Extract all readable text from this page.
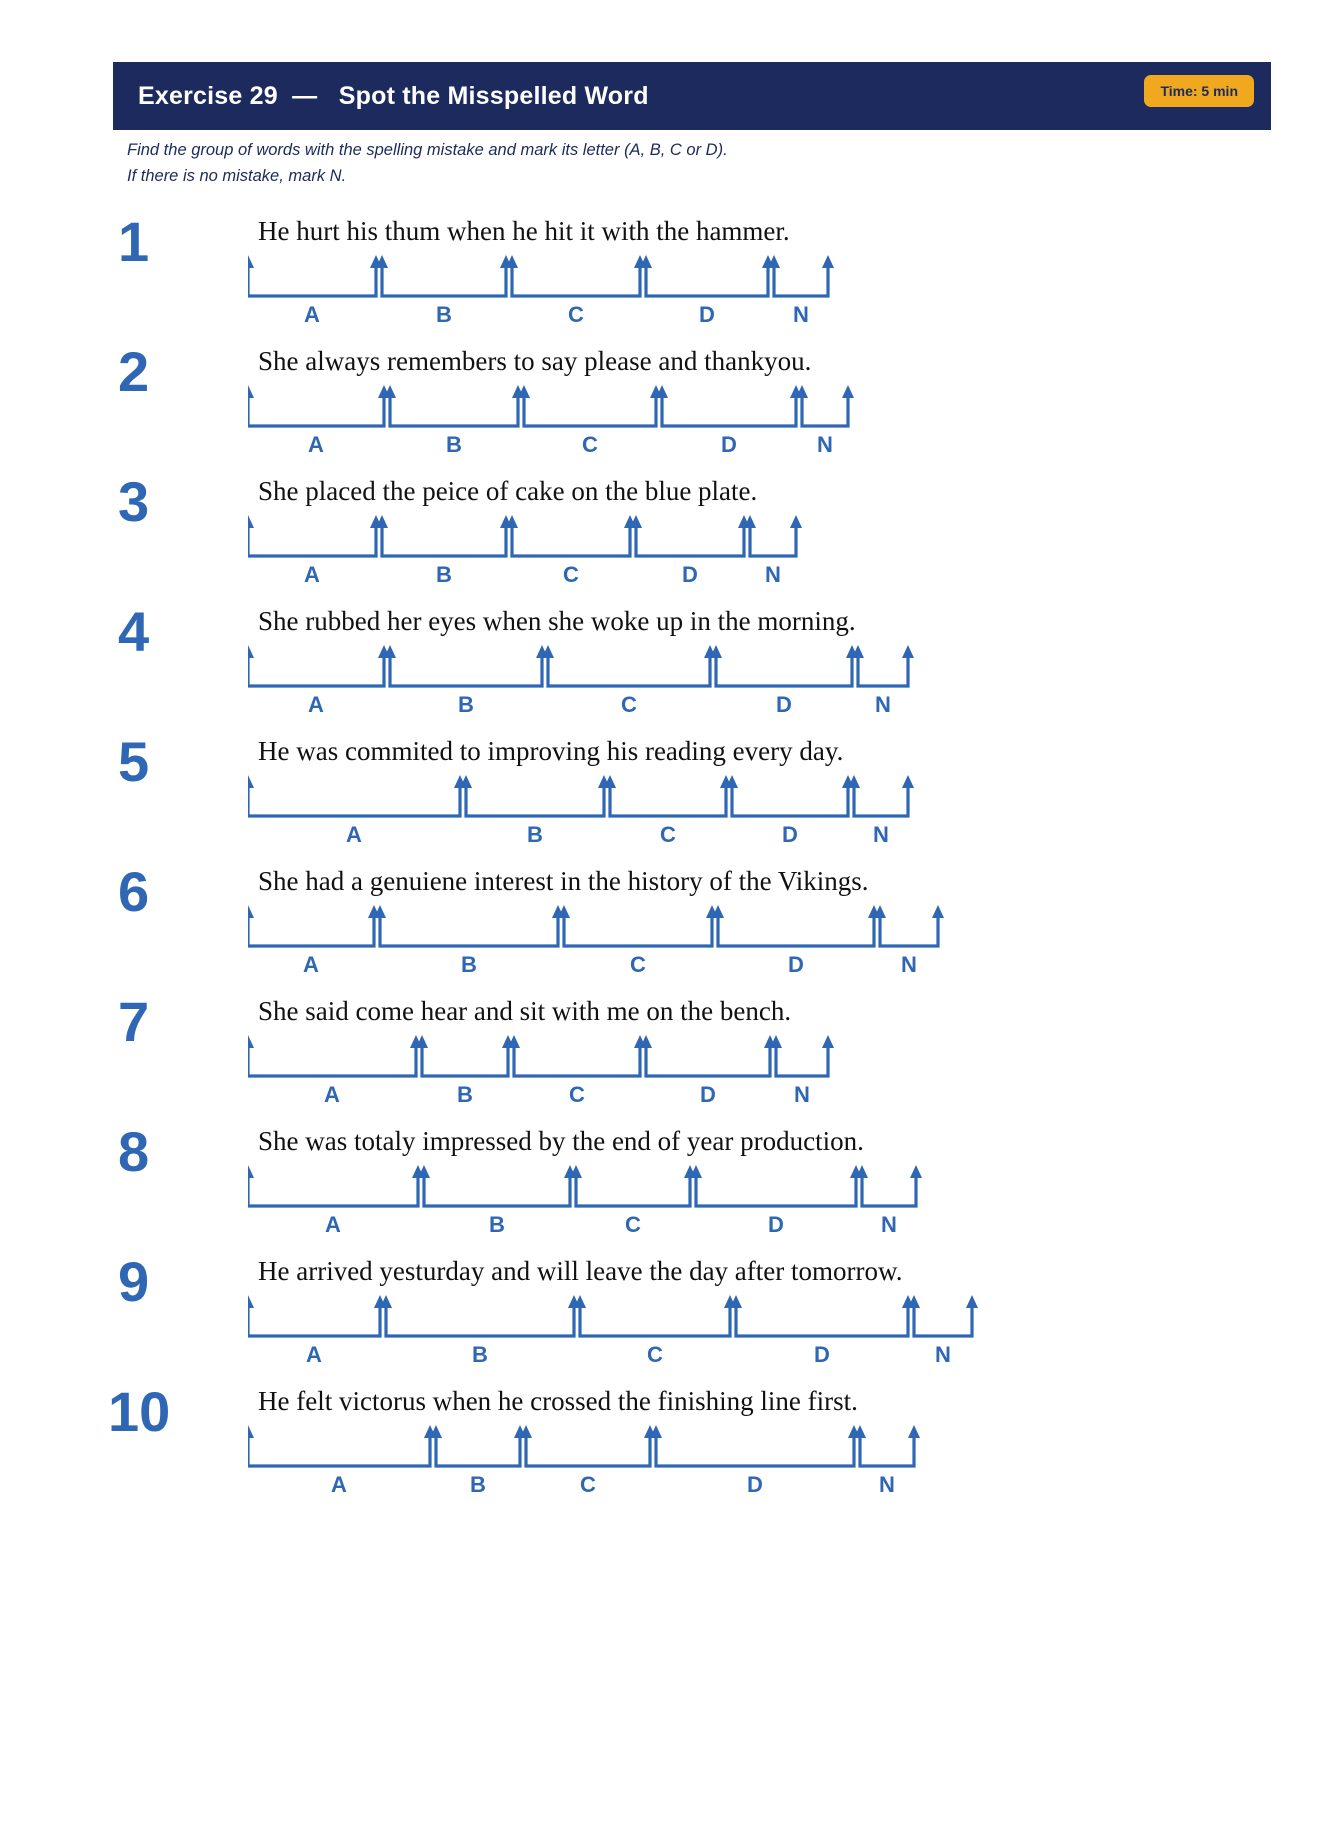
Exercise 29  —   Spot the Misspelled Word	Time: 5 min
Find the group of words with the spelling mistake and mark its letter (A, B, C or D).
If there is no mistake, mark N.
1	He hurt his thum when he hit it with the hammer.
A	B	C	D	N
2	She always remembers to say please and thankyou.
A	B	C	D	N
3	She placed the peice of cake on the blue plate.
A	B	C	D	N
4	She rubbed her eyes when she woke up in the morning.
A	B	C	D	N
5	He was commited to improving his reading every day.
A	B	C	D	N
6	She had a genuiene interest in the history of the Vikings.
A	B	C	D	N
7	She said come hear and sit with me on the bench.
A	B	C	D	N
8	She was totaly impressed by the end of year production.
A	B	C	D	N
9	He arrived yesturday and will leave the day after tomorrow.
A	B	C	D	N
10	He felt victorus when he crossed the finishing line first.
A	B	C	D	N
